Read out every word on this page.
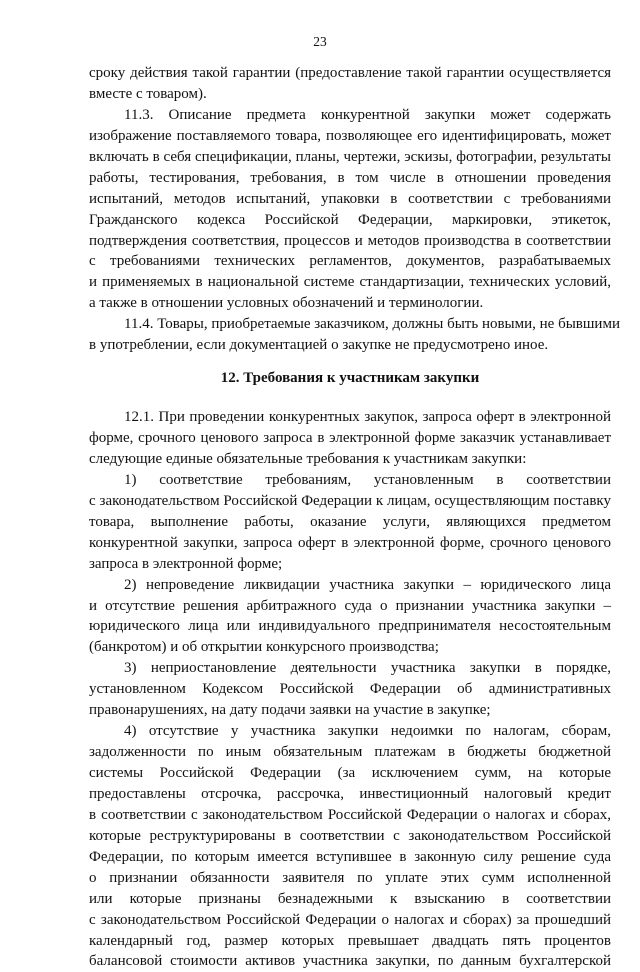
23
сроку действия такой гарантии (предоставление такой гарантии осуществляется
вместе с товаром).
11.3. Описание предмета конкурентной закупки может содержать
изображение поставляемого товара, позволяющее его идентифицировать, может
включать в себя спецификации, планы, чертежи, эскизы, фотографии, результаты
работы, тестирования, требования, в том числе в отношении проведения
испытаний, методов испытаний, упаковки в соответствии с требованиями
Гражданского кодекса Российской Федерации, маркировки, этикеток,
подтверждения соответствия, процессов и методов производства в соответствии
с требованиями технических регламентов, документов, разрабатываемых
и применяемых в национальной системе стандартизации, технических условий,
а также в отношении условных обозначений и терминологии.
11.4. Товары, приобретаемые заказчиком, должны быть новыми, не бывшими
в употреблении, если документацией о закупке не предусмотрено иное.
12. Требования к участникам закупки
12.1. При проведении конкурентных закупок, запроса оферт в электронной
форме, срочного ценового запроса в электронной форме заказчик устанавливает
следующие единые обязательные требования к участникам закупки:
1) соответствие требованиям, установленным в соответствии
с законодательством Российской Федерации к лицам, осуществляющим поставку
товара, выполнение работы, оказание услуги, являющихся предметом
конкурентной закупки, запроса оферт в электронной форме, срочного ценового
запроса в электронной форме;
2) непроведение ликвидации участника закупки – юридического лица
и отсутствие решения арбитражного суда о признании участника закупки –
юридического лица или индивидуального предпринимателя несостоятельным
(банкротом) и об открытии конкурсного производства;
3) неприостановление деятельности участника закупки в порядке,
установленном Кодексом Российской Федерации об административных
правонарушениях, на дату подачи заявки на участие в закупке;
4) отсутствие у участника закупки недоимки по налогам, сборам,
задолженности по иным обязательным платежам в бюджеты бюджетной
системы Российской Федерации (за исключением сумм, на которые
предоставлены отсрочка, рассрочка, инвестиционный налоговый кредит
в соответствии с законодательством Российской Федерации о налогах и сборах,
которые реструктурированы в соответствии с законодательством Российской
Федерации, по которым имеется вступившее в законную силу решение суда
о признании обязанности заявителя по уплате этих сумм исполненной
или которые признаны безнадежными к взысканию в соответствии
с законодательством Российской Федерации о налогах и сборах) за прошедший
календарный год, размер которых превышает двадцать пять процентов
балансовой стоимости активов участника закупки, по данным бухгалтерской
